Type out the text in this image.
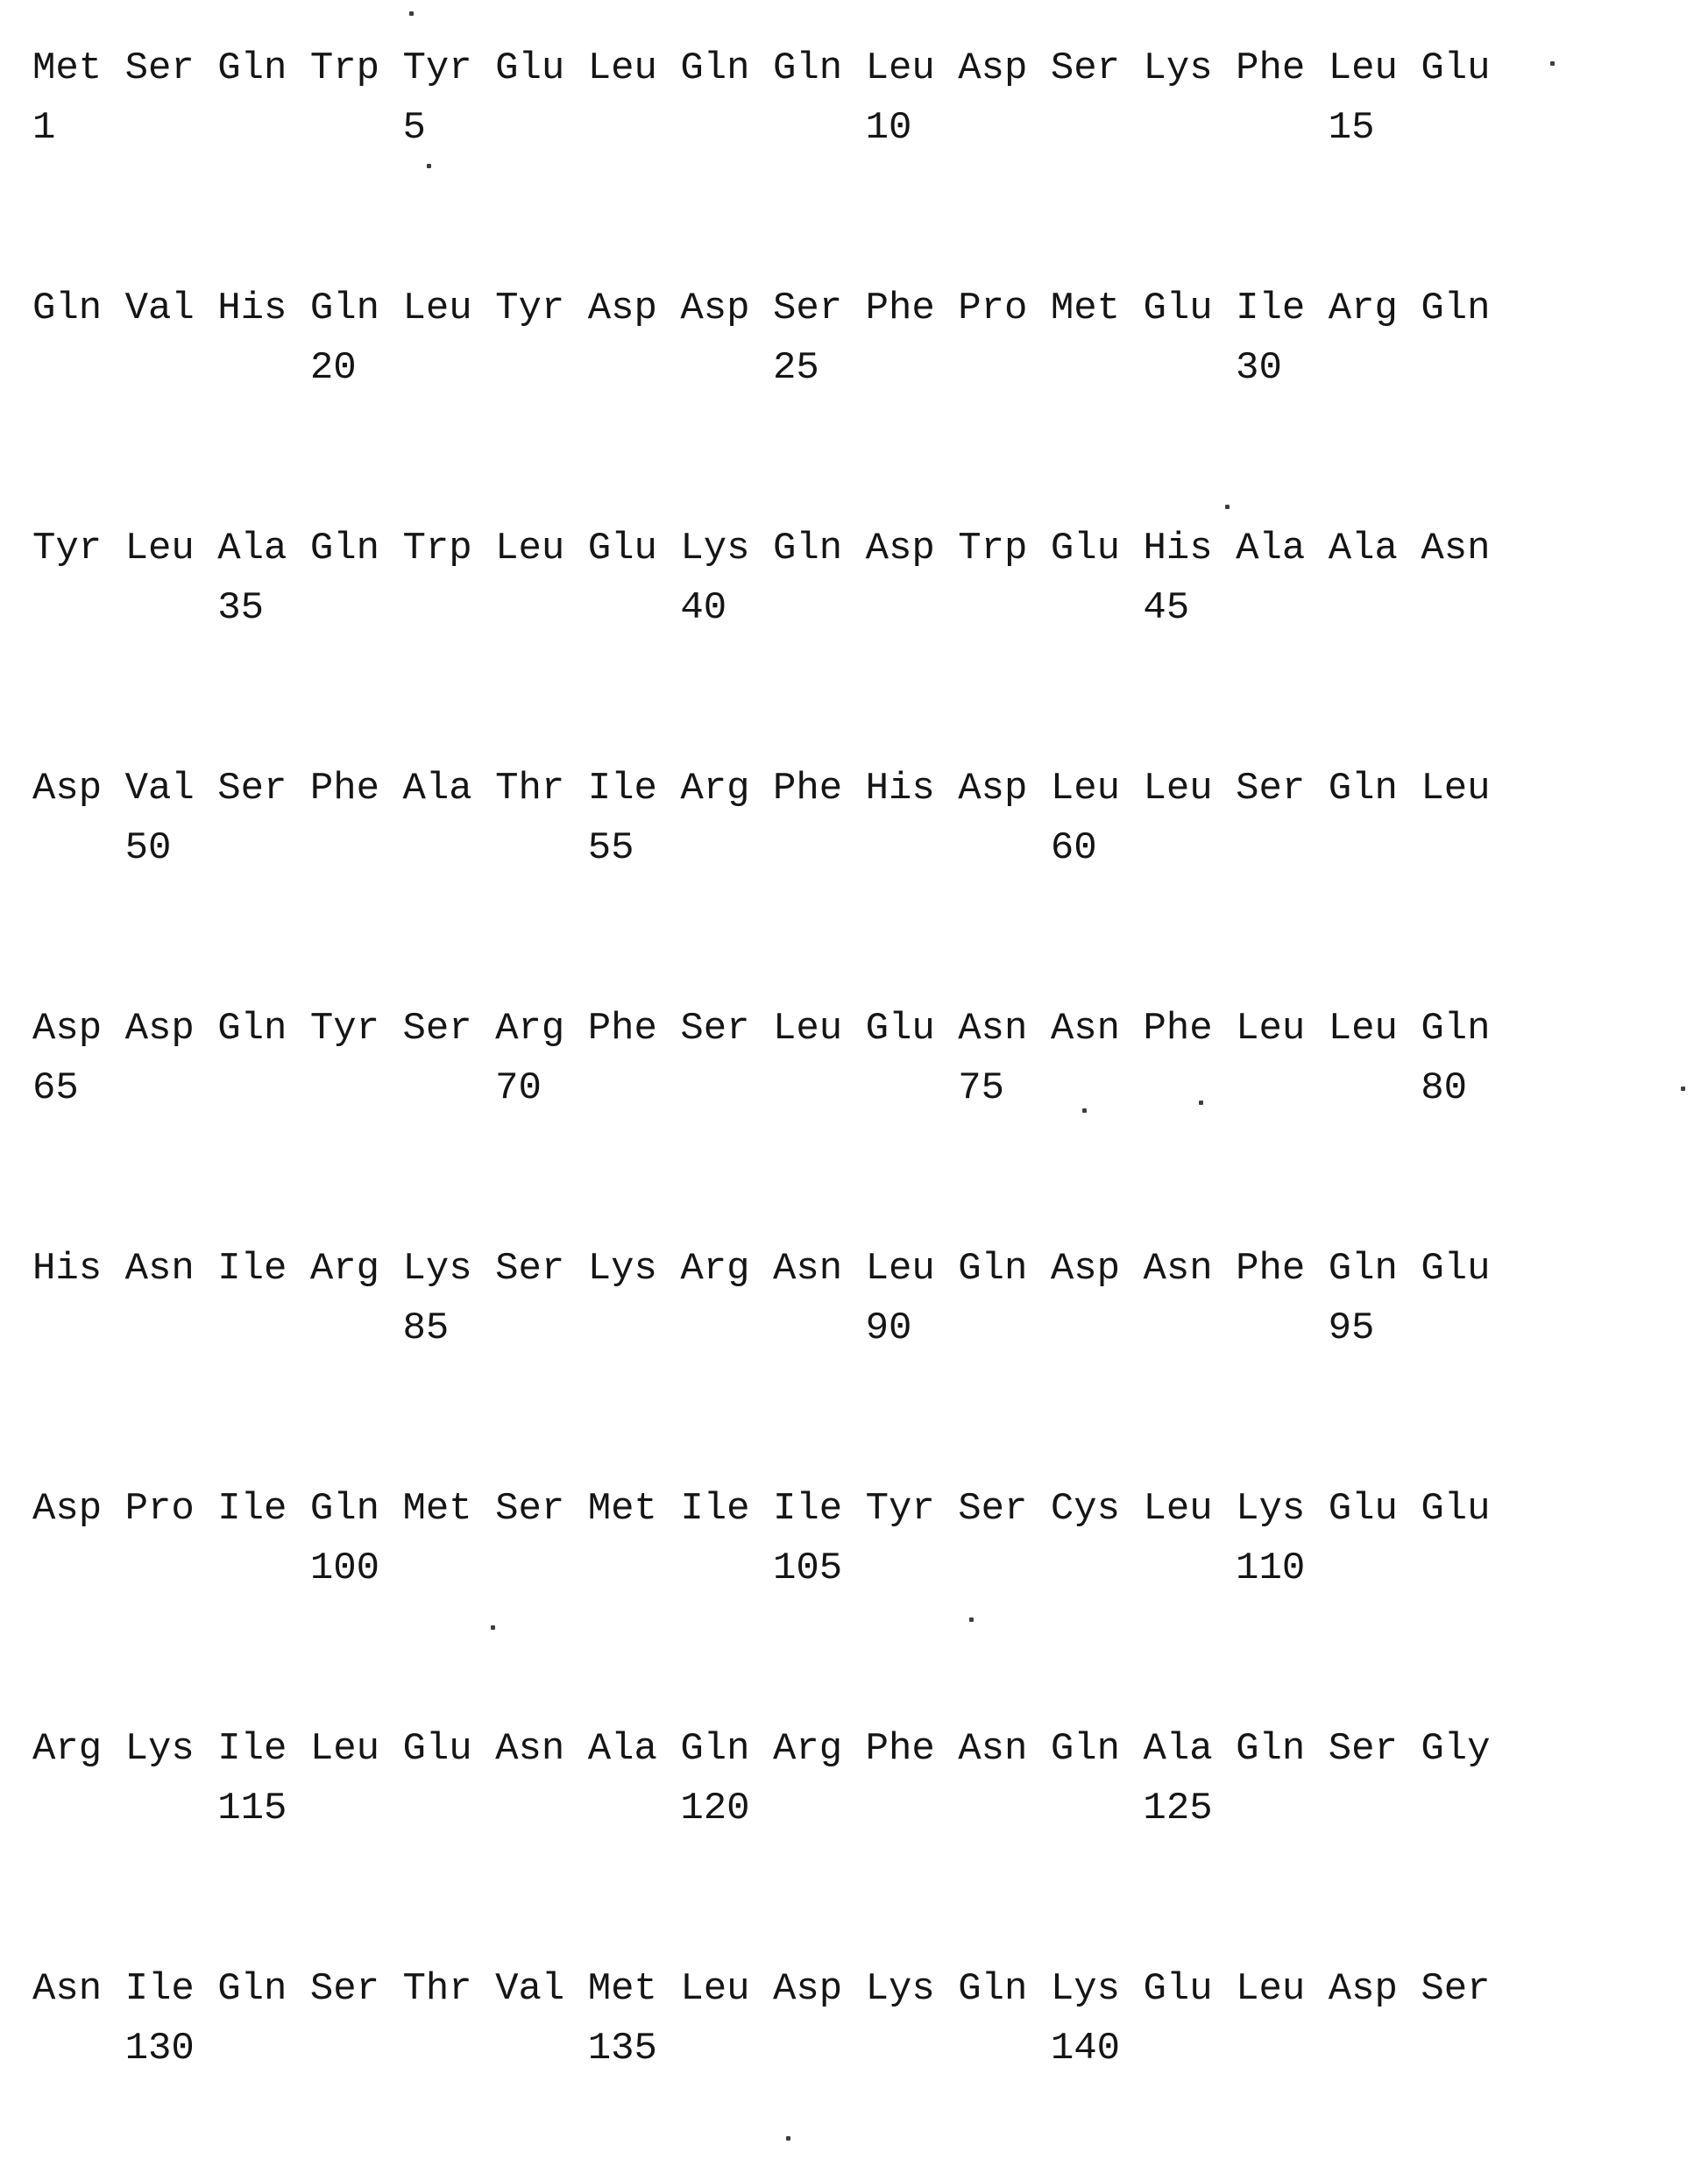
Met Ser Gln Trp Tyr Glu Leu Gln Gln Leu Asp Ser Lys Phe Leu Glu
1	5	10	15
Gln Val His Gln Leu Tyr Asp Asp Ser Phe Pro Met Glu Ile Arg Gln
20	25	30
Tyr Leu Ala Gln Trp Leu Glu Lys Gln Asp Trp Glu His Ala Ala Asn
35	40	45
Asp Val Ser Phe Ala Thr Ile Arg Phe His Asp Leu Leu Ser Gln Leu
50	55	60
Asp Asp Gln Tyr Ser Arg Phe Ser Leu Glu Asn Asn Phe Leu Leu Gln
65	70	75	80
His Asn Ile Arg Lys Ser Lys Arg Asn Leu Gln Asp Asn Phe Gln Glu
85	90	95
Asp Pro Ile Gln Met Ser Met Ile Ile Tyr Ser Cys Leu Lys Glu Glu
100	105	110
Arg Lys Ile Leu Glu Asn Ala Gln Arg Phe Asn Gln Ala Gln Ser Gly
115	120	125
Asn Ile Gln Ser Thr Val Met Leu Asp Lys Gln Lys Glu Leu Asp Ser
130	135	140
